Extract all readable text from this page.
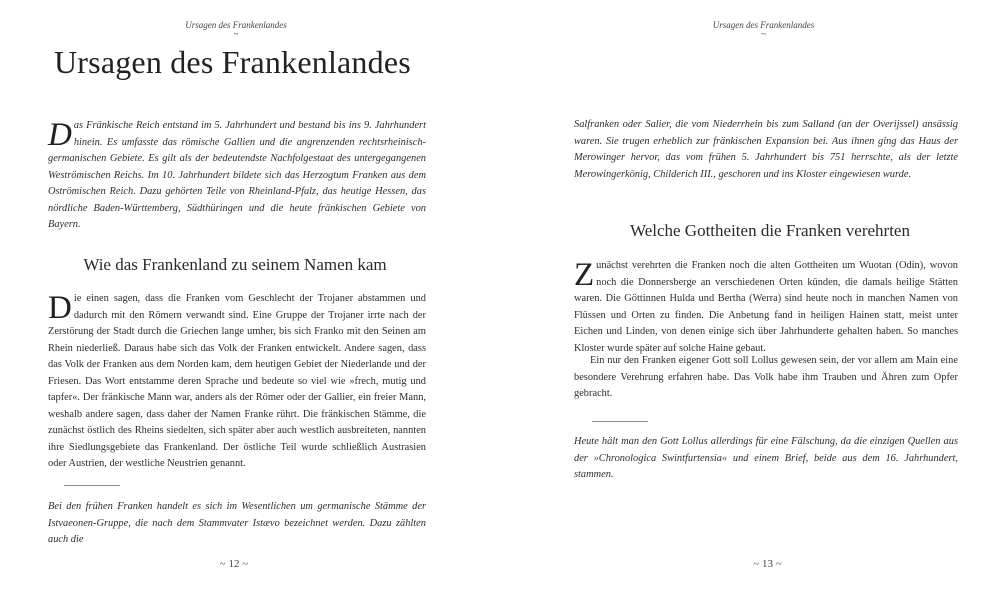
Ursagen des Frankenlandes
~
Ursagen des Frankenlandes

D as Fränkische Reich entstand im 5. Jahrhundert und bestand bis ins 9. Jahrhundert hinein. Es umfasste das römische Gallien und die angrenzenden rechtsrheinisch-germanischen Gebiete. Es gilt als der bedeutendste Nachfolgestaat des untergegangenen Weströmischen Reichs. Im 10. Jahrhundert bildete sich das Herzogtum Franken aus dem Oströmischen Reich. Dazu gehörten Teile von Rheinland-Pfalz, das heutige Hessen, das nördliche Baden-Württemberg, Südthüringen und die heute fränkischen Gebiete von Bayern.

Wie das Frankenland zu seinem Namen kam

D ie einen sagen, dass die Franken vom Geschlecht der Trojaner abstammen und dadurch mit den Römern verwandt sind. Eine Gruppe der Trojaner irrte nach der Zerstörung der Stadt durch die Griechen lange umher, bis sich Franko mit den Seinen am Rhein niederließ. Daraus habe sich das Volk der Franken entwickelt. Andere sagen, dass das Volk der Franken aus dem Norden kam, dem heutigen Gebiet der Niederlande und der Friesen. Das Wort entstamme deren Sprache und bedeute so viel wie »frech, mutig und tapfer«. Der fränkische Mann war, anders als der Römer oder der Gallier, ein freier Mann, weshalb andere sagen, dass daher der Namen Franke rührt. Die fränkischen Stämme, die zunächst östlich des Rheins siedelten, sich später aber auch westlich ausbreiteten, nannten ihre Siedlungsgebiete das Frankenland. Der östliche Teil wurde schließlich Austrasien oder Austrien, der westliche Neustrien genannt.

Bei den frühen Franken handelt es sich im Wesentlichen um germanische Stämme der Istvaeonen-Gruppe, die nach dem Stammvater Istævo bezeichnet werden. Dazu zählten auch die

~ 12 ~
Ursagen des Frankenlandes
~

Salfranken oder Salier, die vom Niederrhein bis zum Salland (an der Overijssel) ansässig waren. Sie trugen erheblich zur fränkischen Expansion bei. Aus ihnen ging das Haus der Merowinger hervor, das vom frühen 5. Jahrhundert bis 751 herrschte, als der letzte Merowingerkönig, Childerich III., geschoren und ins Kloster eingewiesen wurde.

Welche Gottheiten die Franken verehrten

Z unächst verehrten die Franken noch die alten Gottheiten um Wuotan (Odin), wovon noch die Donnersberge an verschiedenen Orten künden, die damals heilige Stätten waren. Die Göttinnen Hulda und Bertha (Werra) sind heute noch in manchen Namen von Flüssen und Orten zu finden. Die Anbetung fand in heiligen Hainen statt, meist unter Eichen und Linden, von denen einige sich über Jahrhunderte gehalten haben. So manches Kloster wurde später auf solche Haine gebaut.

Ein nur den Franken eigener Gott soll Lollus gewesen sein, der vor allem am Main eine besondere Verehrung erfahren habe. Das Volk habe ihm Trauben und Ähren zum Opfer gebracht.

Heute hält man den Gott Lollus allerdings für eine Fälschung, da die einzigen Quellen aus der »Chronologica Swintfurtensia« und einem Brief, beide aus dem 16. Jahrhundert, stammen.

~ 13 ~
